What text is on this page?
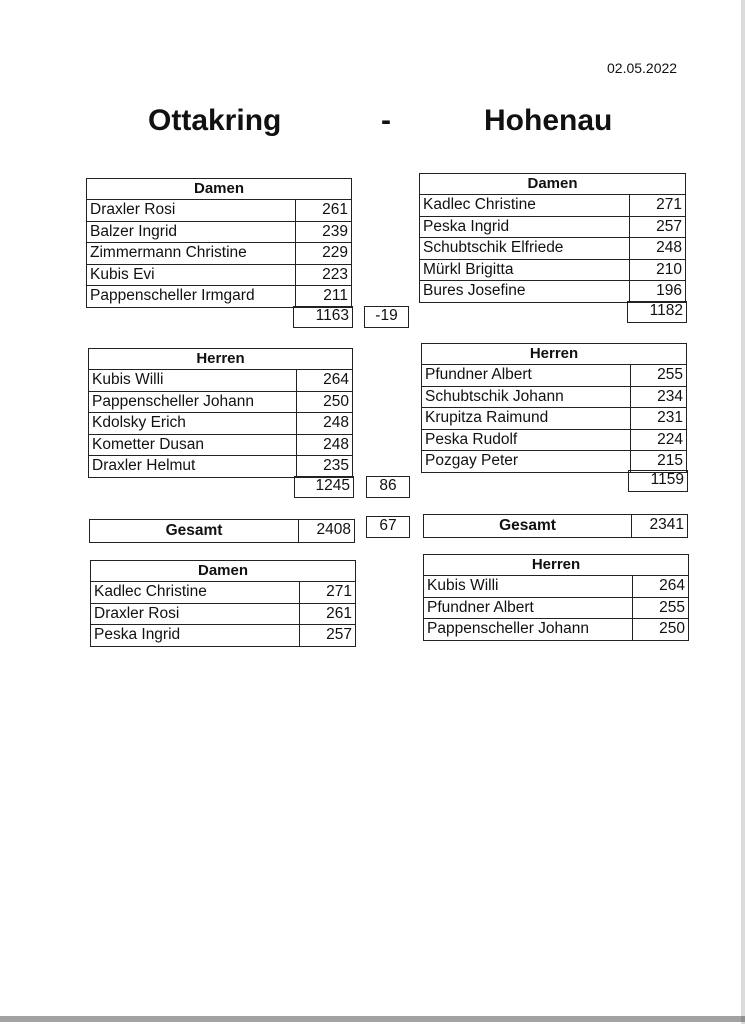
02.05.2022
Ottakring	-	Hohenau
Damen
Draxler Rosi	261
Balzer Ingrid	239
Zimmermann Christine	229
Kubis Evi	223
Pappenscheller Irmgard	211
1163	-19
Damen
Kadlec Christine	271
Peska Ingrid	257
Schubtschik Elfriede	248
Mürkl Brigitta	210
Bures Josefine	196
1182
Herren
Kubis Willi	264
Pappenscheller Johann	250
Kdolsky Erich	248
Kometter Dusan	248
Draxler Helmut	235
1245	86
Herren
Pfundner Albert	255
Schubtschik Johann	234
Krupitza Raimund	231
Peska Rudolf	224
Pozgay Peter	215
1159
Gesamt	2408	67	Gesamt	2341
Damen
Kadlec Christine	271
Draxler Rosi	261
Peska Ingrid	257
Herren
Kubis Willi	264
Pfundner Albert	255
Pappenscheller Johann	250
